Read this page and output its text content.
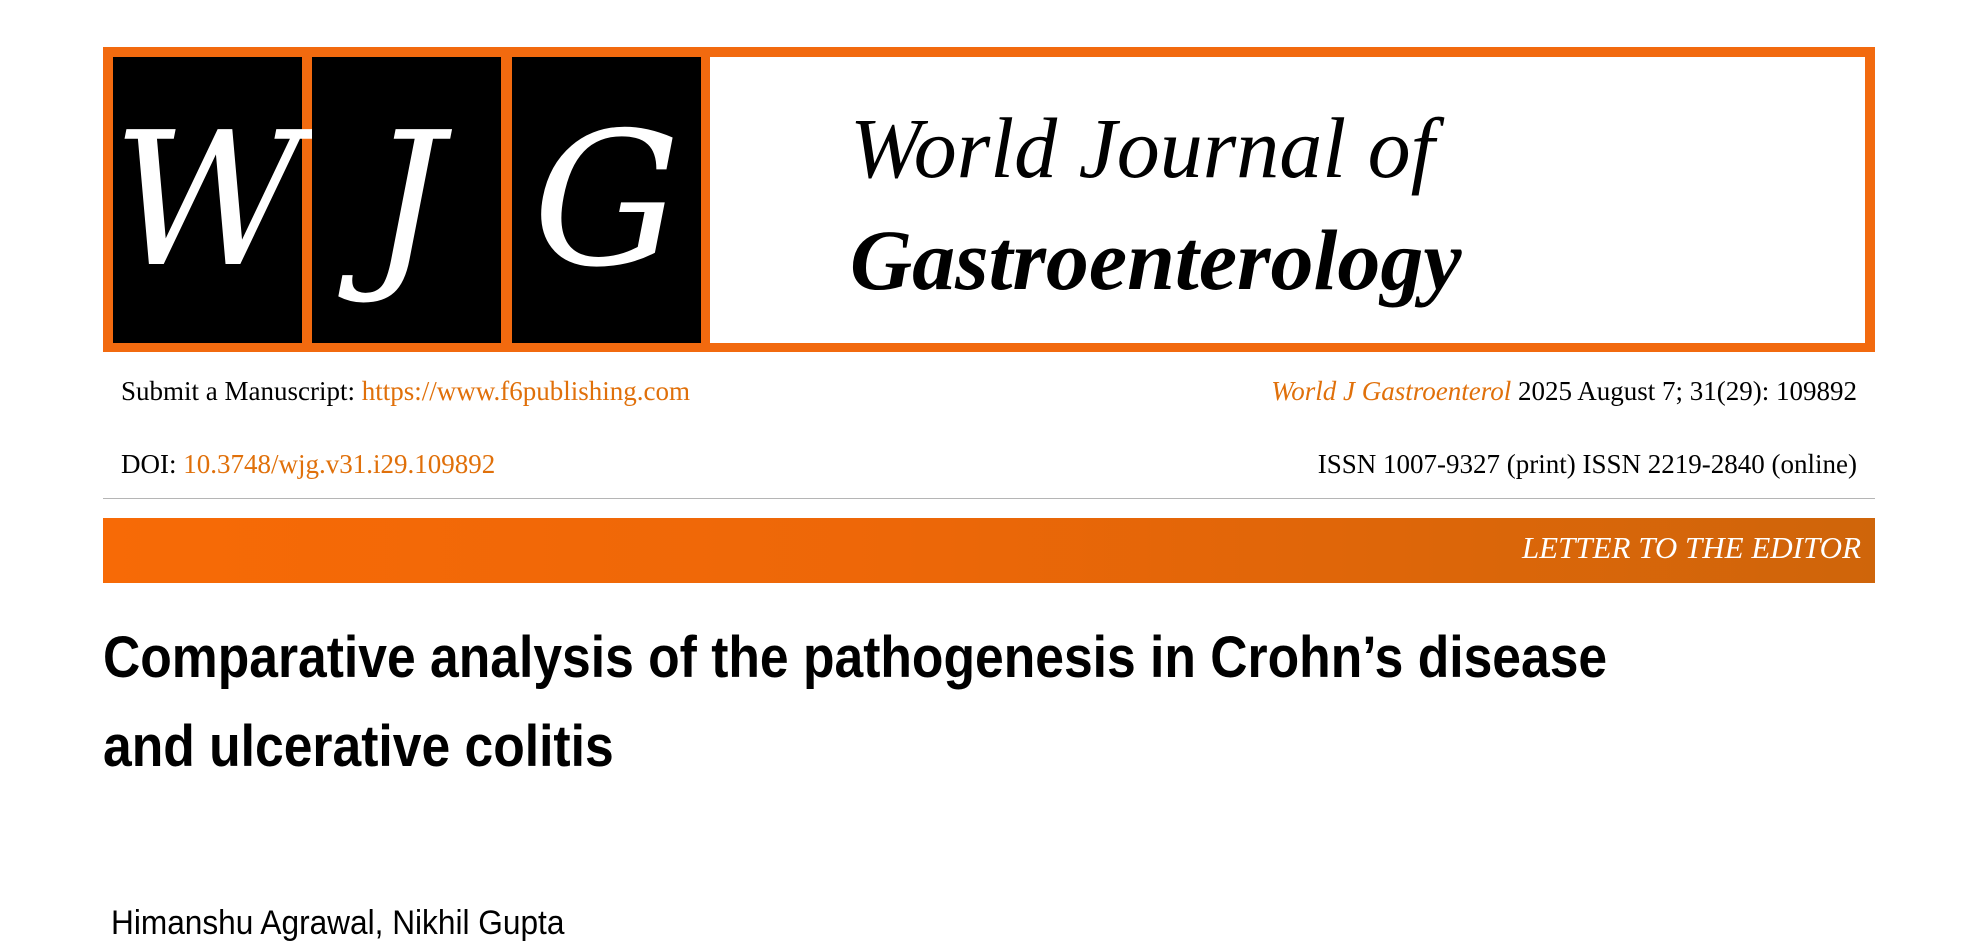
W J G World Journal of
Gastroenterology
Submit a Manuscript: https://www.f6publishing.com	World J Gastroenterol 2025 August 7; 31(29): 109892
DOI: 10.3748/wjg.v31.i29.109892	ISSN 1007-9327 (print) ISSN 2219-2840 (online)
LETTER TO THE EDITOR
Comparative analysis of the pathogenesis in Crohn’s disease and ulcerative colitis
Himanshu Agrawal, Nikhil Gupta
